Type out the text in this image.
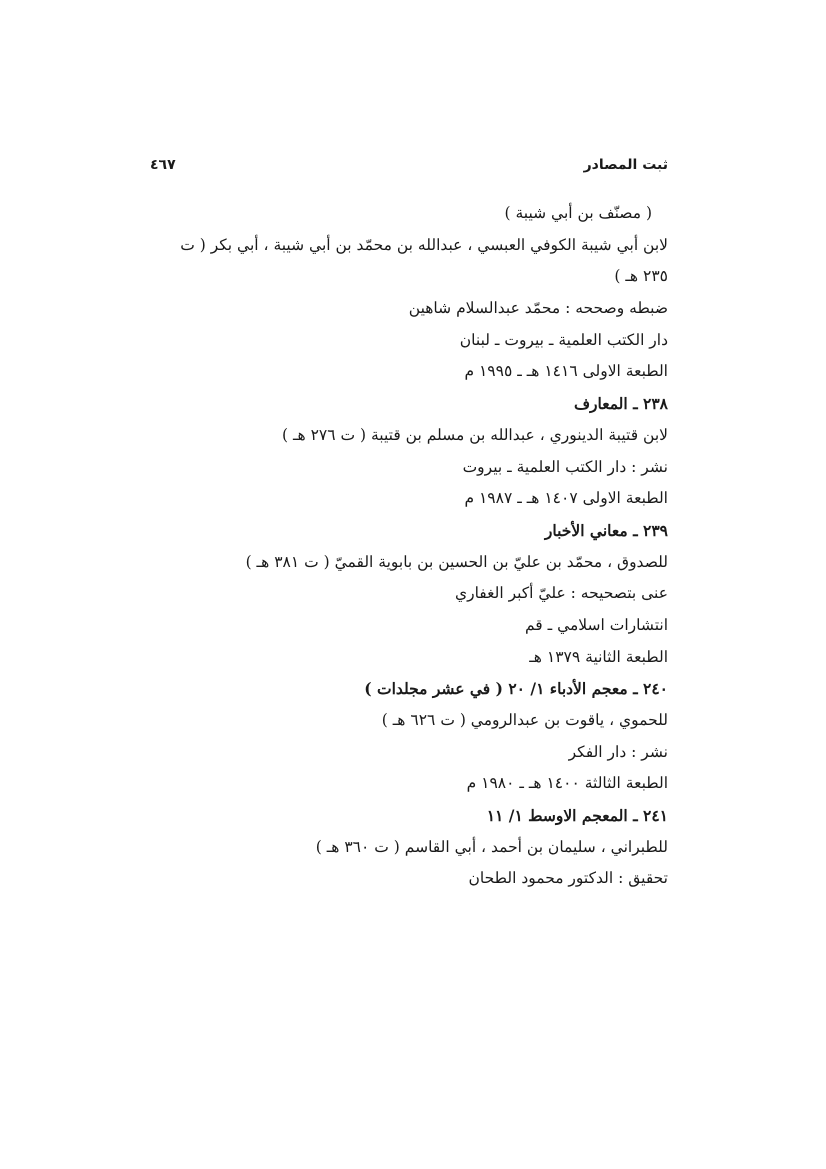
ثبت المصادر
٤٦٧
( مصنّف بن أبي شيبة )
لابن أبي شيبة الكوفي العبسي ، عبدالله بن محمّد بن أبي شيبة ، أبي بكر ( ت ٢٣٥ هـ )
ضبطه وصححه : محمّد عبدالسلام شاهين
دار الكتب العلمية ـ بيروت ـ لبنان
الطبعة الاولى ١٤١٦ هـ ـ ١٩٩٥ م
٢٣٨ ـ المعارف
لابن قتيبة الدينوري ، عبدالله بن مسلم بن قتيبة ( ت ٢٧٦ هـ )
نشر : دار الكتب العلمية ـ بيروت
الطبعة الاولى ١٤٠٧ هـ ـ ١٩٨٧ م
٢٣٩ ـ معاني الأخبار
للصدوق ، محمّد بن عليّ بن الحسين بن بابوية القميّ ( ت ٣٨١ هـ )
عنى بتصحيحه : عليّ أكبر الغفاري
انتشارات اسلامي ـ قم
الطبعة الثانية ١٣٧٩ هـ
٢٤٠ ـ معجم الأدباء ١/ ٢٠ ( في عشر مجلدات )
للحموي ، ياقوت بن عبدالرومي ( ت ٦٢٦ هـ )
نشر : دار الفكر
الطبعة الثالثة ١٤٠٠ هـ ـ ١٩٨٠ م
٢٤١ ـ المعجم الاوسط ١/ ١١
للطبراني ، سليمان بن أحمد ، أبي القاسم ( ت ٣٦٠ هـ )
تحقيق : الدكتور محمود الطحان
